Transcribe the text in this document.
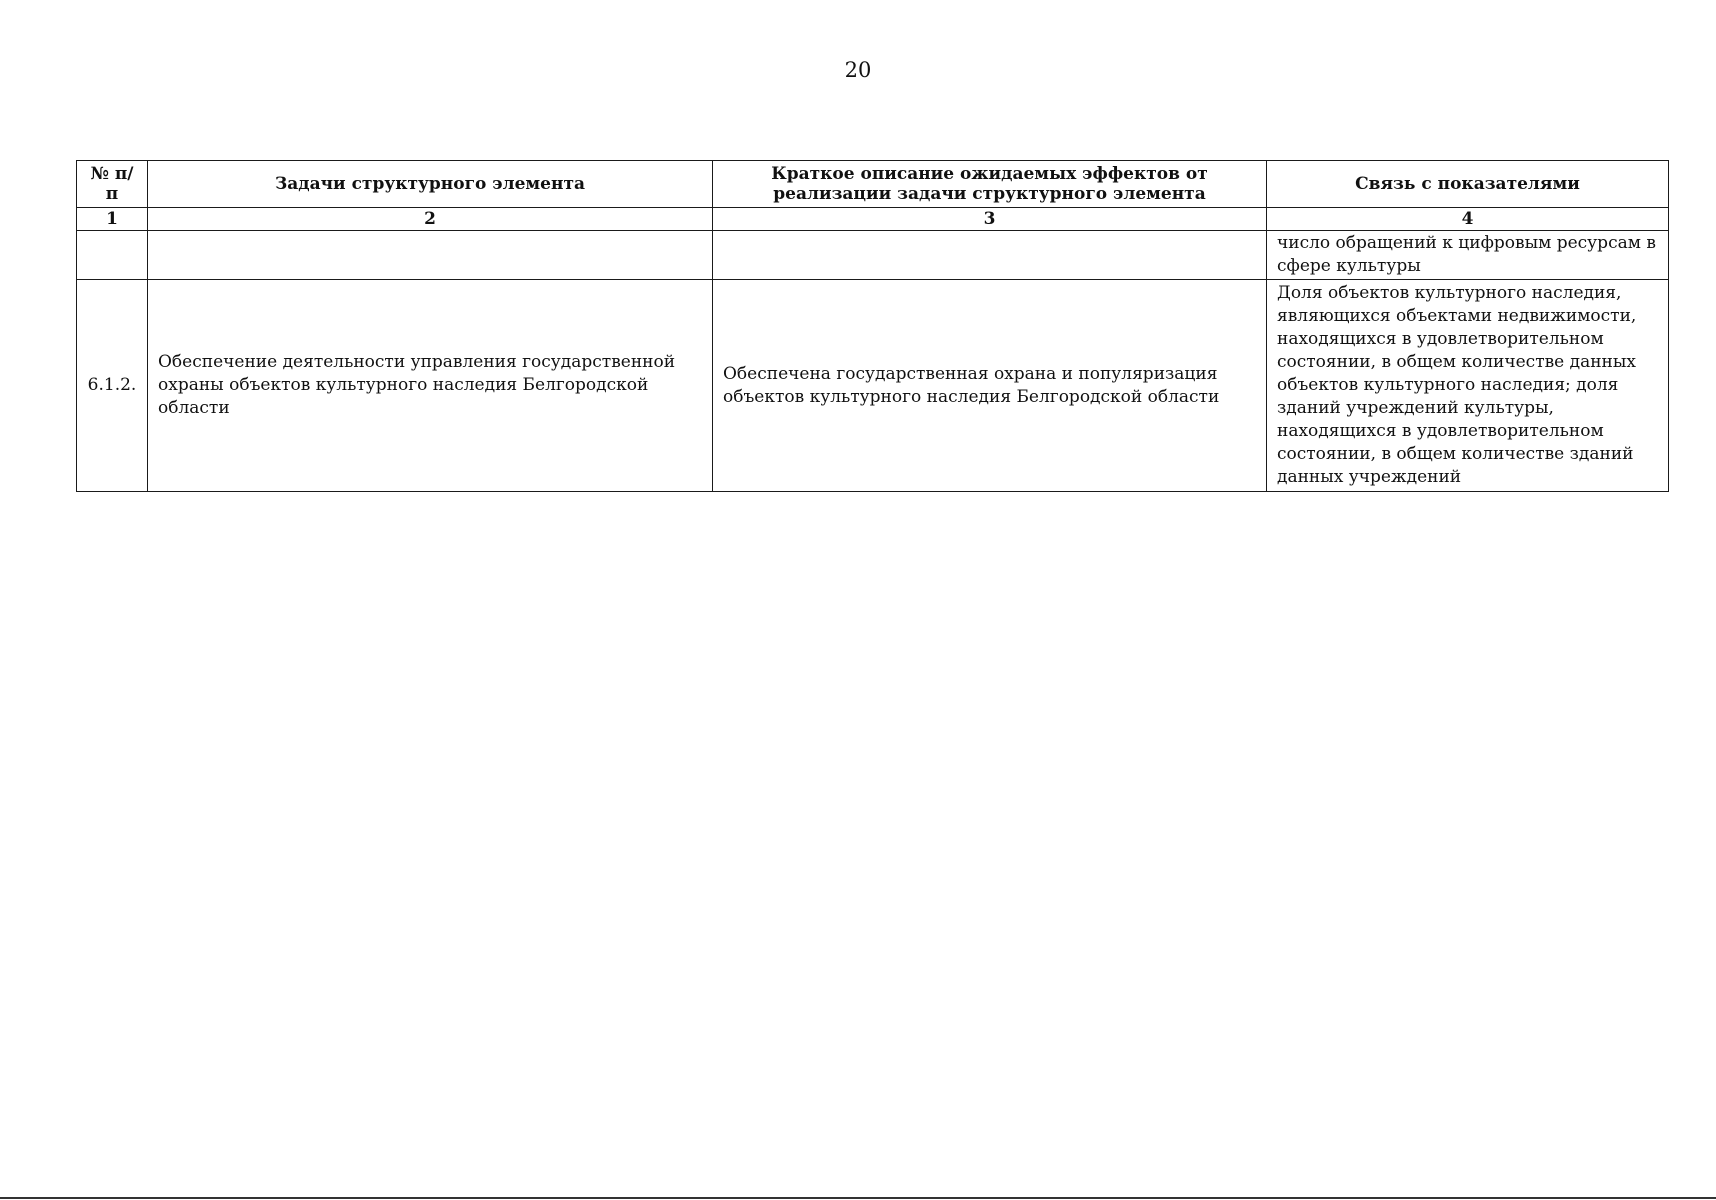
20
№ п/п	Задачи структурного элемента	Краткое описание ожидаемых эффектов от реализации задачи структурного элемента	Связь с показателями
1	2	3	4
			число обращений к цифровым ресурсам в сфере культуры
6.1.2.	Обеспечение деятельности управления государственной охраны объектов культурного наследия Белгородской области	Обеспечена государственная охрана и популяризация объектов культурного наследия Белгородской области	Доля объектов культурного наследия, являющихся объектами недвижимости, находящихся в удовлетворительном состоянии, в общем количестве данных объектов культурного наследия; доля зданий учреждений культуры, находящихся в удовлетворительном состоянии, в общем количестве зданий данных учреждений
